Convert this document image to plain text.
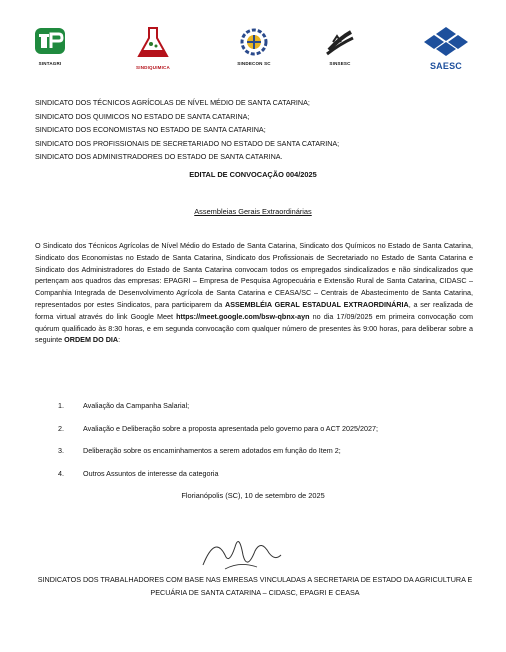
SINTAGRI
SINDIQUIMICA
SINDECON SC	SINSESC	SAESC
SINDICATO DOS TÉCNICOS AGRÍCOLAS DE NÍVEL MÉDIO DE SANTA CATARINA;
SINDICATO DOS QUIMICOS NO ESTADO DE SANTA CATARINA;
SINDICATO DOS ECONOMISTAS NO ESTADO DE SANTA CATARINA;
SINDICATO DOS PROFISSIONAIS DE SECRETARIADO NO ESTADO DE SANTA CATARINA;
SINDICATO DOS ADMINISTRADORES DO ESTADO DE SANTA CATARINA.
EDITAL DE CONVOCAÇÃO 004/2025
Assembleias Gerais Extraordinárias
O Sindicato dos Técnicos Agrícolas de Nível Médio do Estado de Santa Catarina, Sindicato dos Químicos no Estado de Santa Catarina, Sindicato dos Economistas no Estado de Santa Catarina, Sindicato dos Profissionais de Secretariado no Estado de Santa Catarina e Sindicato dos Administradores do Estado de Santa Catarina convocam todos os empregados sindicalizados e não sindicalizados que pertençam aos quadros das empresas: EPAGRI – Empresa de Pesquisa Agropecuária e Extensão Rural de Santa Catarina, CIDASC – Companhia Integrada de Desenvolvimento Agrícola de Santa Catarina e CEASA/SC – Centrais de Abastecimento de Santa Catarina, representados por estes Sindicatos, para participarem da ASSEMBLÉIA GERAL ESTADUAL EXTRAORDINÁRIA, a ser realizada de forma virtual através do link Google Meet https://meet.google.com/bsw-qbnx-ayn no dia 17/09/2025 em primeira convocação com quórum qualificado às 8:30 horas, e em segunda convocação com qualquer número de presentes às 9:00 horas, para deliberar sobre a seguinte ORDEM DO DIA:
1.	Avaliação da Campanha Salarial;
2.	Avaliação e Deliberação sobre a proposta apresentada pelo governo para o ACT 2025/2027;
3.	Deliberação sobre os encaminhamentos a serem adotados em função do Item 2;
4.	Outros Assuntos de interesse da categoria
Florianópolis (SC), 10 de setembro de 2025
SINDICATOS DOS TRABALHADORES COM BASE NAS EMRESAS VINCULADAS A SECRETARIA DE ESTADO DA AGRICULTURA E PECUÁRIA DE SANTA CATARINA – CIDASC, EPAGRI E CEASA
